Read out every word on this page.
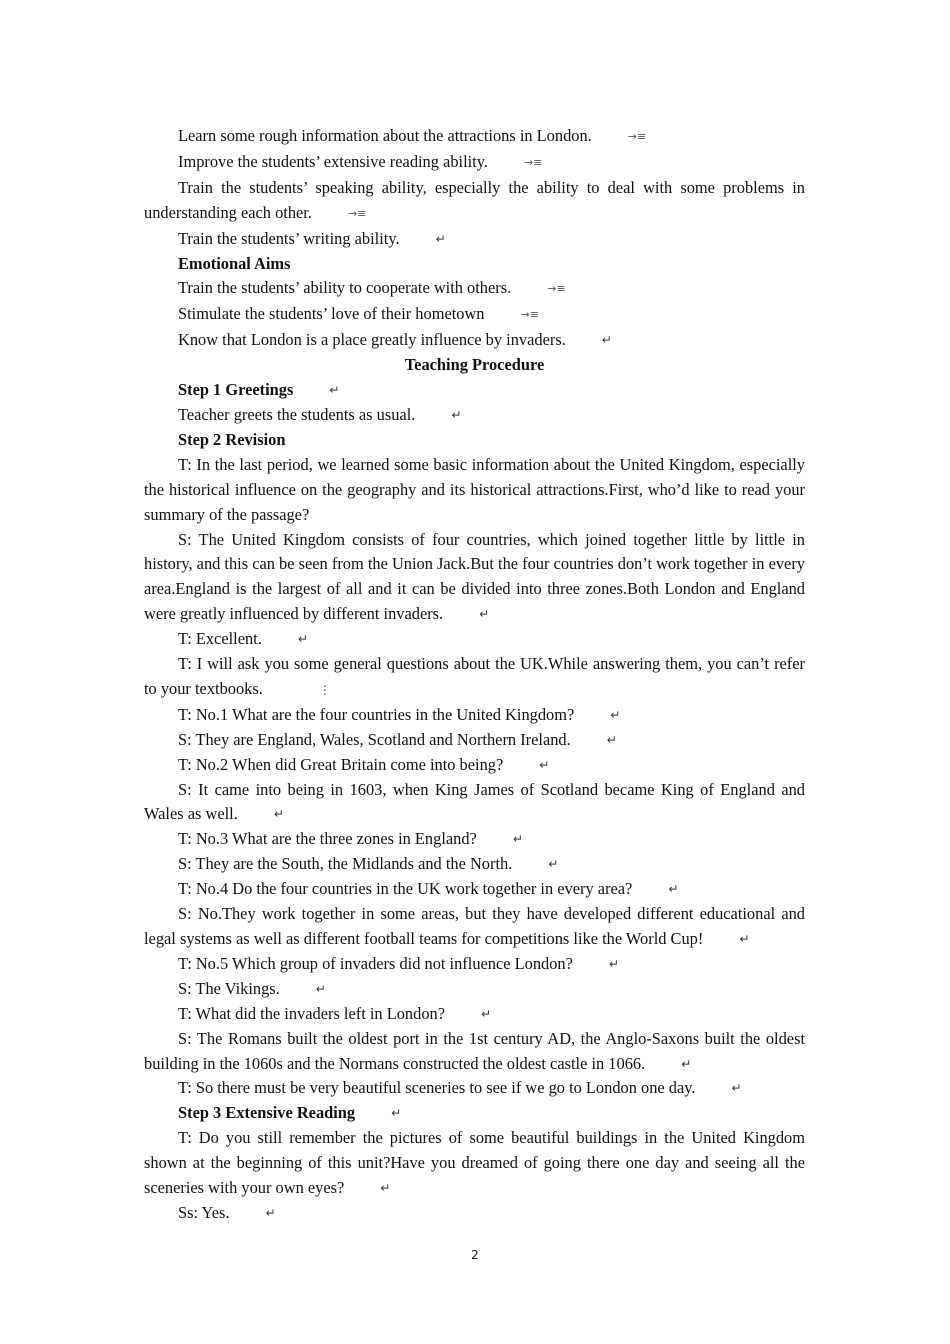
Learn some rough information about the attractions in London.	→≡

Improve the students’ extensive reading ability.	→≡

Train the students’ speaking ability, especially the ability to deal with some problems in understanding each other.	→≡

Train the students’ writing ability.	↵

Emotional Aims

Train the students’ ability to cooperate with others.	→≡

Stimulate the students’ love of their hometown	→≡

Know that London is a place greatly influence by invaders.	↵

Teaching Procedure

Step 1 Greetings	↵

Teacher greets the students as usual.	↵

Step 2 Revision

T: In the last period, we learned some basic information about the United Kingdom, especially the historical influence on the geography and its historical attractions.First, who’d like to read your summary of the passage?

S: The United Kingdom consists of four countries, which joined together little by little in history, and this can be seen from the Union Jack.But the four countries don’t work together in every area.England is the largest of all and it can be divided into three zones.Both London and England were greatly influenced by different invaders.	↵

T: Excellent.	↵

T: I will ask you some general questions about the UK.While answering them, you can’t refer to your textbooks.	⋮

T: No.1 What are the four countries in the United Kingdom?	↵

S: They are England, Wales, Scotland and Northern Ireland.	↵

T: No.2 When did Great Britain come into being?	↵

S: It came into being in 1603, when King James of Scotland became King of England and Wales as well.	↵

T: No.3 What are the three zones in England?	↵

S: They are the South, the Midlands and the North.	↵

T: No.4 Do the four countries in the UK work together in every area?	↵

S: No.They work together in some areas, but they have developed different educational and legal systems as well as different football teams for competitions like the World Cup!	↵

T: No.5 Which group of invaders did not influence London?	↵

S: The Vikings.	↵

T: What did the invaders left in London?	↵

S: The Romans built the oldest port in the 1st century AD, the Anglo-Saxons built the oldest building in the 1060s and the Normans constructed the oldest castle in 1066.	↵

T: So there must be very beautiful sceneries to see if we go to London one day.	↵

Step 3 Extensive Reading	↵

T: Do you still remember the pictures of some beautiful buildings in the United Kingdom shown at the beginning of this unit?Have you dreamed of going there one day and seeing all the sceneries with your own eyes?	↵

Ss: Yes.	↵

2
